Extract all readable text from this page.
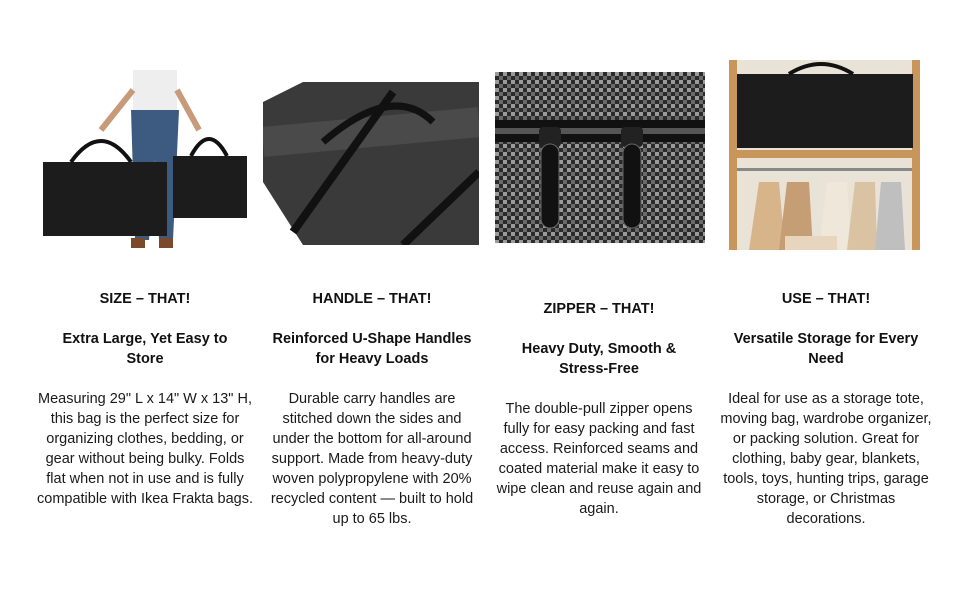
SIZE – THAT!
Extra Large, Yet Easy to Store
Measuring 29" L x 14" W x 13" H, this bag is the perfect size for organizing clothes, bedding, or gear without being bulky. Folds flat when not in use and is fully compatible with Ikea Frakta bags.
HANDLE – THAT!
Reinforced U-Shape Handles for Heavy Loads
Durable carry handles are stitched down the sides and under the bottom for all-around support. Made from heavy-duty woven polypropylene with 20% recycled content — built to hold up to 65 lbs.
ZIPPER – THAT!
Heavy Duty, Smooth & Stress-Free
The double-pull zipper opens fully for easy packing and fast access. Reinforced seams and coated material make it easy to wipe clean and reuse again and again.
USE – THAT!
Versatile Storage for Every Need
Ideal for use as a storage tote, moving bag, wardrobe organizer, or packing solution. Great for clothing, baby gear, blankets, tools, toys, hunting trips, garage storage, or Christmas decorations.
